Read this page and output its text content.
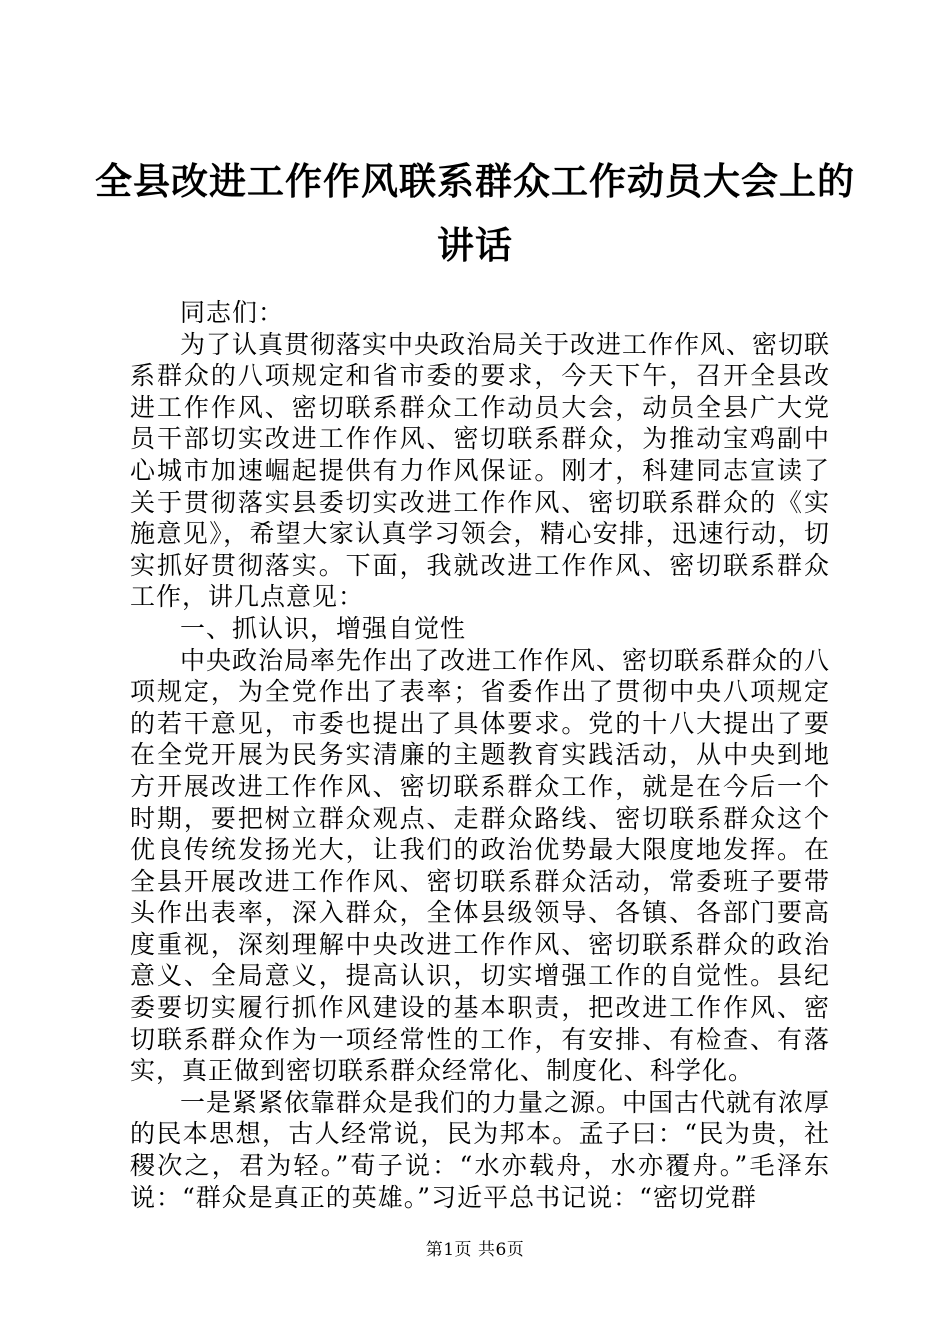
全县改进工作作风联系群众工作动员大会上的讲话

同志们：

为了认真贯彻落实中央政治局关于改进工作作风、密切联系群众的八项规定和省市委的要求，今天下午，召开全县改进工作作风、密切联系群众工作动员大会，动员全县广大党员干部切实改进工作作风、密切联系群众，为推动宝鸡副中心城市加速崛起提供有力作风保证。刚才，科建同志宣读了关于贯彻落实县委切实改进工作作风、密切联系群众的《实施意见》，希望大家认真学习领会，精心安排，迅速行动，切实抓好贯彻落实。下面，我就改进工作作风、密切联系群众工作，讲几点意见：

一、抓认识，增强自觉性

中央政治局率先作出了改进工作作风、密切联系群众的八项规定，为全党作出了表率；省委作出了贯彻中央八项规定的若干意见，市委也提出了具体要求。党的十八大提出了要在全党开展为民务实清廉的主题教育实践活动，从中央到地方开展改进工作作风、密切联系群众工作，就是在今后一个时期，要把树立群众观点、走群众路线、密切联系群众这个优良传统发扬光大，让我们的政治优势最大限度地发挥。在全县开展改进工作作风、密切联系群众活动，常委班子要带头作出表率，深入群众，全体县级领导、各镇、各部门要高度重视，深刻理解中央改进工作作风、密切联系群众的政治意义、全局意义，提高认识，切实增强工作的自觉性。县纪委要切实履行抓作风建设的基本职责，把改进工作作风、密切联系群众作为一项经常性的工作，有安排、有检查、有落实，真正做到密切联系群众经常化、制度化、科学化。

一是紧紧依靠群众是我们的力量之源。中国古代就有浓厚的民本思想，古人经常说，民为邦本。孟子曰：“民为贵，社稷次之，君为轻。”荀子说：“水亦载舟，水亦覆舟。”毛泽东说：“群众是真正的英雄。”习近平总书记说：“密切党群

第1页 共6页
